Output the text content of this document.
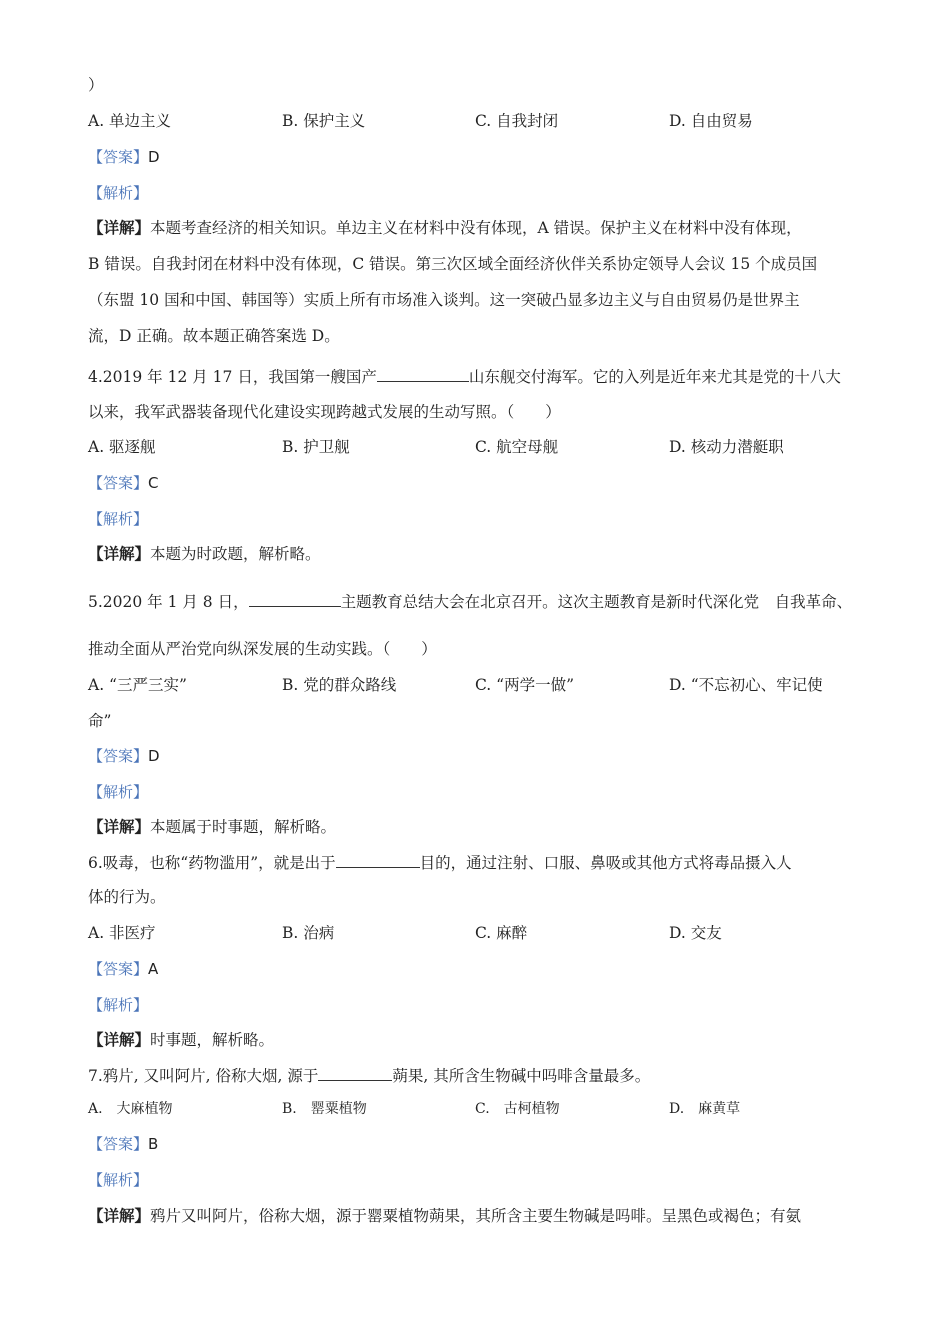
）
A. 单边主义	B. 保护主义	C. 自我封闭	D. 自由贸易
【答案】D
【解析】
【详解】本题考查经济的相关知识。单边主义在材料中没有体现，A 错误。保护主义在材料中没有体现，
B 错误。自我封闭在材料中没有体现，C 错误。第三次区域全面经济伙伴关系协定领导人会议 15 个成员国
（东盟 10 国和中国、韩国等）实质上所有市场准入谈判。这一突破凸显多边主义与自由贸易仍是世界主
流，D 正确。故本题正确答案选 D。
4.2019 年 12 月 17 日，我国第一艘国产	山东舰交付海军。它的入列是近年来尤其是党的十八大
以来，我军武器装备现代化建设实现跨越式发展的生动写照。（　　）
A. 驱逐舰	B. 护卫舰	C. 航空母舰	D. 核动力潜艇职
【答案】C
【解析】
【详解】本题为时政题，解析略。
5.2020 年 1 月 8 日，	主题教育总结大会在北京召开。这次主题教育是新时代深化党　自我革命、
推动全面从严治党向纵深发展的生动实践。（　　）
A. “三严三实”	B. 党的群众路线	C. “两学一做”	D. “不忘初心、牢记使
命”
【答案】D
【解析】
【详解】本题属于时事题，解析略。
6.吸毒，也称“药物滥用”，就是出于	目的，通过注射、口服、鼻吸或其他方式将毒品摄入人
体的行为。
A. 非医疗	B. 治病	C. 麻醉	D. 交友
【答案】A
【解析】
【详解】时事题，解析略。
7.鸦片, 又叫阿片, 俗称大烟, 源于	蒴果, 其所含生物碱中吗啡含量最多。
A.　大麻植物	B.　罂粟植物	C.　古柯植物	D.　麻黄草
【答案】B
【解析】
【详解】鸦片又叫阿片，俗称大烟，源于罂粟植物蒴果，其所含主要生物碱是吗啡。呈黑色或褐色；有氨
